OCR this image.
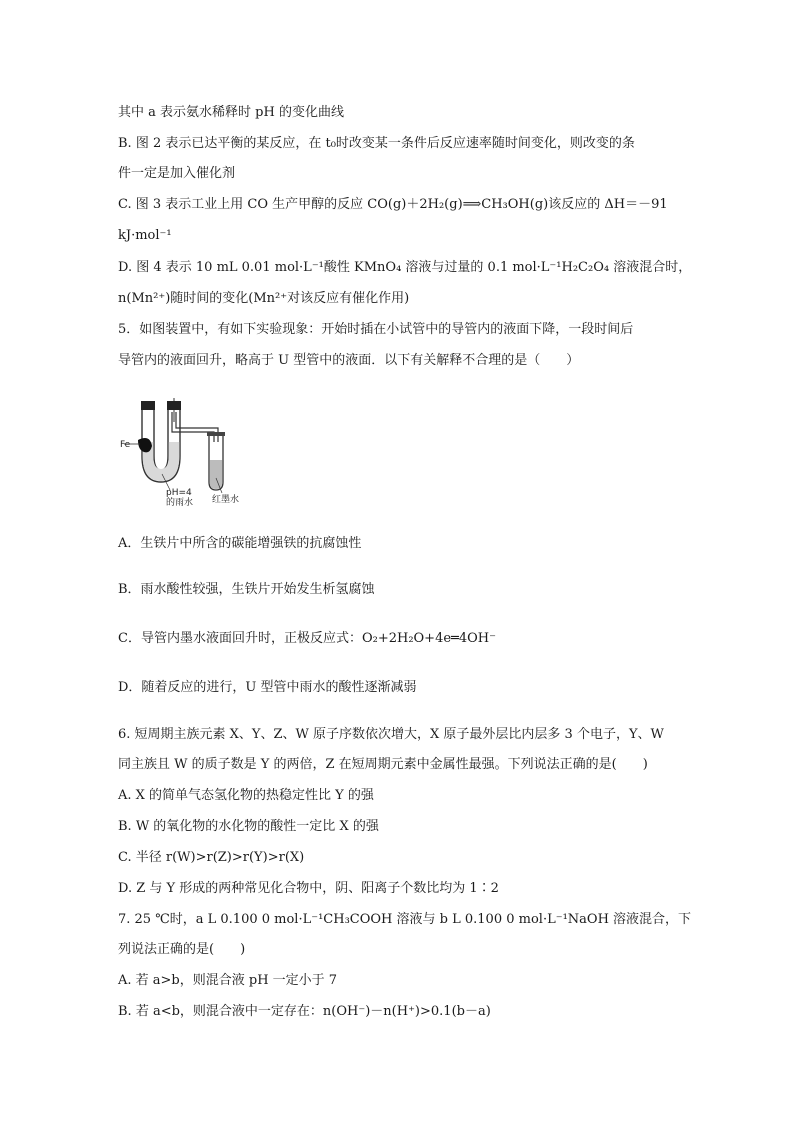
其中 a 表示氨水稀释时 pH 的变化曲线
B. 图 2 表示已达平衡的某反应，在 t₀时改变某一条件后反应速率随时间变化，则改变的条
件一定是加入催化剂
C. 图 3 表示工业上用 CO 生产甲醇的反应 CO(g)＋2H₂(g)⟹CH₃OH(g)该反应的 ΔH＝－91
kJ·mol⁻¹
D. 图 4 表示 10 mL 0.01 mol·L⁻¹酸性 KMnO₄ 溶液与过量的 0.1 mol·L⁻¹H₂C₂O₄ 溶液混合时，
n(Mn²⁺)随时间的变化(Mn²⁺对该反应有催化作用)
5．如图装置中，有如下实验现象：开始时插在小试管中的导管内的液面下降，一段时间后
导管内的液面回升，略高于 U 型管中的液面．以下有关解释不合理的是（　　）
Fe
pH=4
的雨水 红墨水
A．生铁片中所含的碳能增强铁的抗腐蚀性
B．雨水酸性较强，生铁片开始发生析氢腐蚀
C．导管内墨水液面回升时，正极反应式：O₂+2H₂O+4e═4OH⁻
D．随着反应的进行，U 型管中雨水的酸性逐渐减弱
6. 短周期主族元素 X、Y、Z、W 原子序数依次增大，X 原子最外层比内层多 3 个电子，Y、W
同主族且 W 的质子数是 Y 的两倍，Z 在短周期元素中金属性最强。下列说法正确的是(　　)
A. X 的简单气态氢化物的热稳定性比 Y 的强
B. W 的氧化物的水化物的酸性一定比 X 的强
C. 半径 r(W)>r(Z)>r(Y)>r(X)
D. Z 与 Y 形成的两种常见化合物中，阴、阳离子个数比均为 1∶2
7. 25 ℃时，a L 0.100 0 mol·L⁻¹CH₃COOH 溶液与 b L 0.100 0 mol·L⁻¹NaOH 溶液混合，下
列说法正确的是(　　)
A. 若 a>b，则混合液 pH 一定小于 7
B. 若 a<b，则混合液中一定存在：n(OH⁻)－n(H⁺)>0.1(b－a)
